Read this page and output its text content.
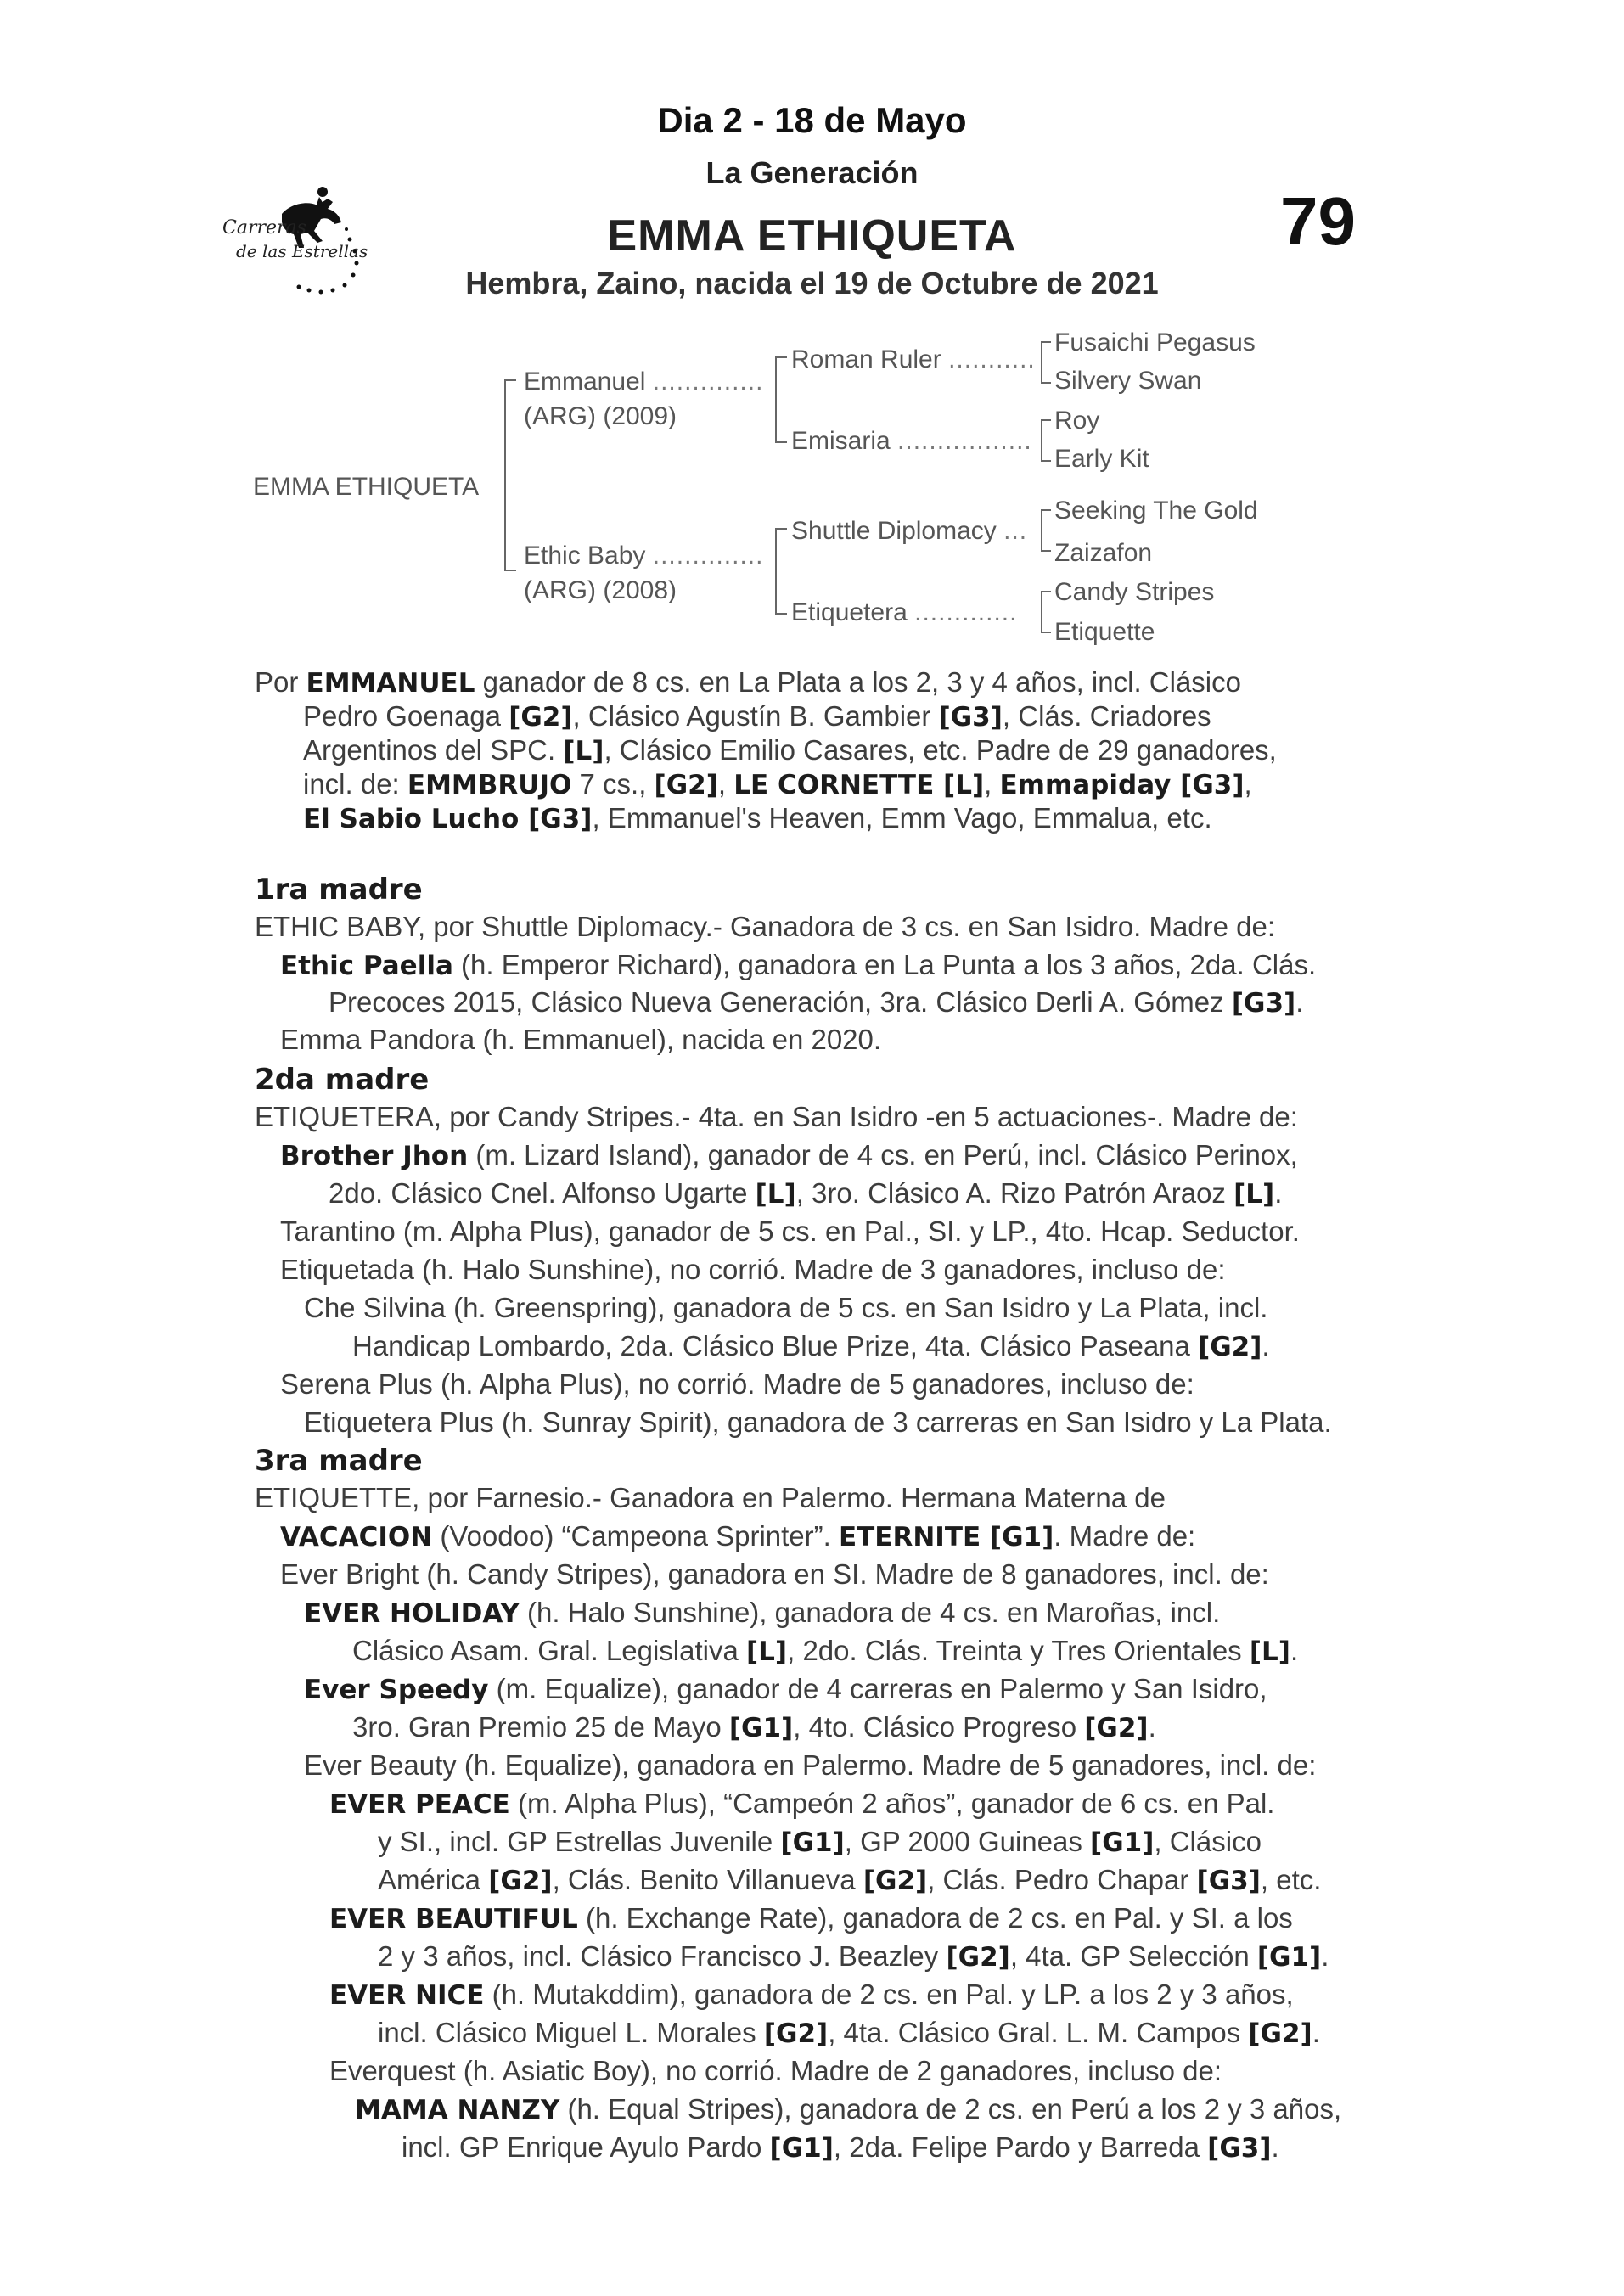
Dia 2 - 18 de Mayo
La Generación
EMMA ETHIQUETA
Hembra, Zaino, nacida el 19 de Octubre de 2021
79
Carreras
de las Estrellas
EMMA ETHIQUETA
Emmanuel ..............
(ARG) (2009)
Ethic Baby ..............
(ARG) (2008)
Roman Ruler ...........
Emisaria .................
Shuttle Diplomacy ...
Etiquetera .............
Fusaichi Pegasus
Silvery Swan
Roy
Early Kit
Seeking The Gold
Zaizafon
Candy Stripes
Etiquette
Por EMMANUEL ganador de 8 cs. en La Plata a los 2, 3 y 4 años, incl. Clásico
Pedro Goenaga [G2], Clásico Agustín B. Gambier [G3], Clás. Criadores
Argentinos del SPC. [L], Clásico Emilio Casares, etc. Padre de 29 ganadores,
incl. de: EMMBRUJO 7 cs., [G2], LE CORNETTE [L], Emmapiday [G3],
El Sabio Lucho [G3], Emmanuel's Heaven, Emm Vago, Emmalua, etc.
1ra madre
ETHIC BABY, por Shuttle Diplomacy.- Ganadora de 3 cs. en San Isidro. Madre de:
Ethic Paella (h. Emperor Richard), ganadora en La Punta a los 3 años, 2da. Clás.
Precoces 2015, Clásico Nueva Generación, 3ra. Clásico Derli A. Gómez [G3].
Emma Pandora (h. Emmanuel), nacida en 2020.
2da madre
ETIQUETERA, por Candy Stripes.- 4ta. en San Isidro -en 5 actuaciones-. Madre de:
Brother Jhon (m. Lizard Island), ganador de 4 cs. en Perú, incl. Clásico Perinox,
2do. Clásico Cnel. Alfonso Ugarte [L], 3ro. Clásico A. Rizo Patrón Araoz [L].
Tarantino (m. Alpha Plus), ganador de 5 cs. en Pal., SI. y LP., 4to. Hcap. Seductor.
Etiquetada (h. Halo Sunshine), no corrió. Madre de 3 ganadores, incluso de:
Che Silvina (h. Greenspring), ganadora de 5 cs. en San Isidro y La Plata, incl.
Handicap Lombardo, 2da. Clásico Blue Prize, 4ta. Clásico Paseana [G2].
Serena Plus (h. Alpha Plus), no corrió. Madre de 5 ganadores, incluso de:
Etiquetera Plus (h. Sunray Spirit), ganadora de 3 carreras en San Isidro y La Plata.
3ra madre
ETIQUETTE, por Farnesio.- Ganadora en Palermo. Hermana Materna de
VACACION (Voodoo) “Campeona Sprinter”. ETERNITE [G1]. Madre de:
Ever Bright (h. Candy Stripes), ganadora en SI. Madre de 8 ganadores, incl. de:
EVER HOLIDAY (h. Halo Sunshine), ganadora de 4 cs. en Maroñas, incl.
Clásico Asam. Gral. Legislativa [L], 2do. Clás. Treinta y Tres Orientales [L].
Ever Speedy (m. Equalize), ganador de 4 carreras en Palermo y San Isidro,
3ro. Gran Premio 25 de Mayo [G1], 4to. Clásico Progreso [G2].
Ever Beauty (h. Equalize), ganadora en Palermo. Madre de 5 ganadores, incl. de:
EVER PEACE (m. Alpha Plus), “Campeón 2 años”, ganador de 6 cs. en Pal.
y SI., incl. GP Estrellas Juvenile [G1], GP 2000 Guineas [G1], Clásico
América [G2], Clás. Benito Villanueva [G2], Clás. Pedro Chapar [G3], etc.
EVER BEAUTIFUL (h. Exchange Rate), ganadora de 2 cs. en Pal. y SI. a los
2 y 3 años, incl. Clásico Francisco J. Beazley [G2], 4ta. GP Selección [G1].
EVER NICE (h. Mutakddim), ganadora de 2 cs. en Pal. y LP. a los 2 y 3 años,
incl. Clásico Miguel L. Morales [G2], 4ta. Clásico Gral. L. M. Campos [G2].
Everquest (h. Asiatic Boy), no corrió. Madre de 2 ganadores, incluso de:
MAMA NANZY (h. Equal Stripes), ganadora de 2 cs. en Perú a los 2 y 3 años,
incl. GP Enrique Ayulo Pardo [G1], 2da. Felipe Pardo y Barreda [G3].
